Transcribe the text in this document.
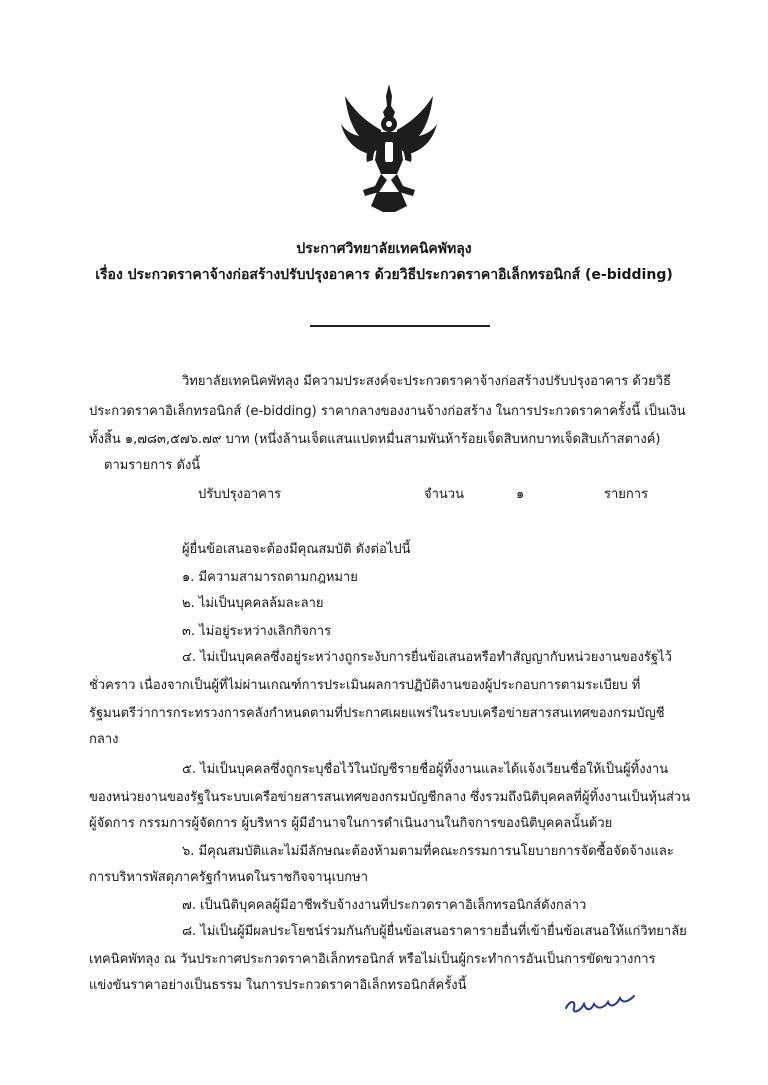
ประกาศวิทยาลัยเทคนิคพัทลุง
เรื่อง ประกวดราคาจ้างก่อสร้างปรับปรุงอาคาร ด้วยวิธีประกวดราคาอิเล็กทรอนิกส์ (e-bidding)
วิทยาลัยเทคนิคพัทลุง มีความประสงค์จะประกวดราคาจ้างก่อสร้างปรับปรุงอาคาร ด้วยวิธี
ประกวดราคาอิเล็กทรอนิกส์ (e-bidding) ราคากลางของงานจ้างก่อสร้าง ในการประกวดราคาครั้งนี้ เป็นเงิน
ทั้งสิ้น ๑,๗๘๓,๕๗๖.๗๙ บาท (หนึ่งล้านเจ็ดแสนแปดหมื่นสามพันห้าร้อยเจ็ดสิบหกบาทเจ็ดสิบเก้าสตางค์)
ตามรายการ ดังนี้
ปรับปรุงอาคาร	จำนวน	๑	รายการ
ผู้ยื่นข้อเสนอจะต้องมีคุณสมบัติ ดังต่อไปนี้
๑. มีความสามารถตามกฎหมาย
๒. ไม่เป็นบุคคลล้มละลาย
๓. ไม่อยู่ระหว่างเลิกกิจการ
๔. ไม่เป็นบุคคลซึ่งอยู่ระหว่างถูกระงับการยื่นข้อเสนอหรือทำสัญญากับหน่วยงานของรัฐไว้
ชั่วคราว เนื่องจากเป็นผู้ที่ไม่ผ่านเกณฑ์การประเมินผลการปฏิบัติงานของผู้ประกอบการตามระเบียบ ที่
รัฐมนตรีว่าการกระทรวงการคลังกำหนดตามที่ประกาศเผยแพร่ในระบบเครือข่ายสารสนเทศของกรมบัญชี
กลาง
๕. ไม่เป็นบุคคลซึ่งถูกระบุชื่อไว้ในบัญชีรายชื่อผู้ทิ้งงานและได้แจ้งเวียนชื่อให้เป็นผู้ทิ้งงาน
ของหน่วยงานของรัฐในระบบเครือข่ายสารสนเทศของกรมบัญชีกลาง ซึ่งรวมถึงนิติบุคคลที่ผู้ทิ้งงานเป็นหุ้นส่วน
ผู้จัดการ กรรมการผู้จัดการ ผู้บริหาร ผู้มีอำนาจในการดำเนินงานในกิจการของนิติบุคคลนั้นด้วย
๖. มีคุณสมบัติและไม่มีลักษณะต้องห้ามตามที่คณะกรรมการนโยบายการจัดซื้อจัดจ้างและ
การบริหารพัสดุภาครัฐกำหนดในราชกิจจานุเบกษา
๗. เป็นนิติบุคคลผู้มีอาชีพรับจ้างงานที่ประกวดราคาอิเล็กทรอนิกส์ดังกล่าว
๘. ไม่เป็นผู้มีผลประโยชน์ร่วมกันกับผู้ยื่นข้อเสนอราคารายอื่นที่เข้ายื่นข้อเสนอให้แก่วิทยาลัย
เทคนิคพัทลุง ณ วันประกาศประกวดราคาอิเล็กทรอนิกส์ หรือไม่เป็นผู้กระทำการอันเป็นการขัดขวางการ
แข่งขันราคาอย่างเป็นธรรม ในการประกวดราคาอิเล็กทรอนิกส์ครั้งนี้
